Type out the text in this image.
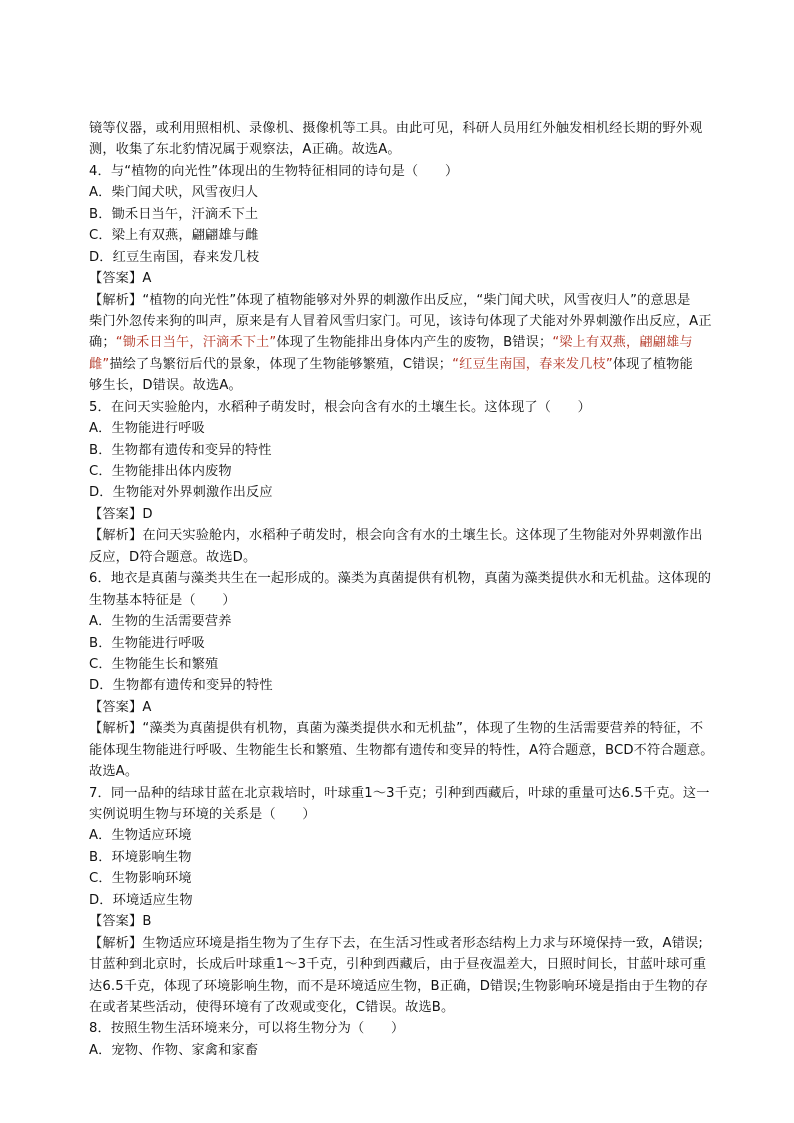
镜等仪器，或利用照相机、录像机、摄像机等工具。由此可见，科研人员用红外触发相机经长期的野外观
测，收集了东北豹情况属于观察法，A正确。故选A。
4．与“植物的向光性”体现出的生物特征相同的诗句是（　　）
A．柴门闻犬吠，风雪夜归人
B．锄禾日当午，汗滴禾下土
C．梁上有双燕，翩翩雄与雌
D．红豆生南国，春来发几枝
【答案】A
【解析】“植物的向光性”体现了植物能够对外界的刺激作出反应，“柴门闻犬吠，风雪夜归人”的意思是
柴门外忽传来狗的叫声，原来是有人冒着风雪归家门。可见，该诗句体现了犬能对外界刺激作出反应，A正
确；“锄禾日当午，汗滴禾下土”体现了生物能排出身体内产生的废物，B错误；“梁上有双燕，翩翩雄与
雌”描绘了鸟繁衍后代的景象，体现了生物能够繁殖，C错误；“红豆生南国，春来发几枝”体现了植物能
够生长，D错误。故选A。
5．在问天实验舱内，水稻种子萌发时，根会向含有水的土壤生长。这体现了（　　）
A．生物能进行呼吸
B．生物都有遗传和变异的特性
C．生物能排出体内废物
D．生物能对外界刺激作出反应
【答案】D
【解析】在问天实验舱内，水稻种子萌发时，根会向含有水的土壤生长。这体现了生物能对外界刺激作出
反应，D符合题意。故选D。
6．地衣是真菌与藻类共生在一起形成的。藻类为真菌提供有机物，真菌为藻类提供水和无机盐。这体现的
生物基本特征是（　　）
A．生物的生活需要营养
B．生物能进行呼吸
C．生物能生长和繁殖
D．生物都有遗传和变异的特性
【答案】A
【解析】“藻类为真菌提供有机物，真菌为藻类提供水和无机盐”，体现了生物的生活需要营养的特征，不
能体现生物能进行呼吸、生物能生长和繁殖、生物都有遗传和变异的特性，A符合题意，BCD不符合题意。
故选A。
7．同一品种的结球甘蓝在北京栽培时，叶球重1～3千克；引种到西藏后，叶球的重量可达6.5千克。这一
实例说明生物与环境的关系是（　　）
A．生物适应环境
B．环境影响生物
C．生物影响环境
D．环境适应生物
【答案】B
【解析】生物适应环境是指生物为了生存下去，在生活习性或者形态结构上力求与环境保持一致，A错误;
甘蓝种到北京时，长成后叶球重1～3千克，引种到西藏后，由于昼夜温差大，日照时间长，甘蓝叶球可重
达6.5千克，体现了环境影响生物，而不是环境适应生物，B正确，D错误;生物影响环境是指由于生物的存
在或者某些活动，使得环境有了改观或变化，C错误。故选B。
8．按照生物生活环境来分，可以将生物分为（　　）
A．宠物、作物、家禽和家畜
